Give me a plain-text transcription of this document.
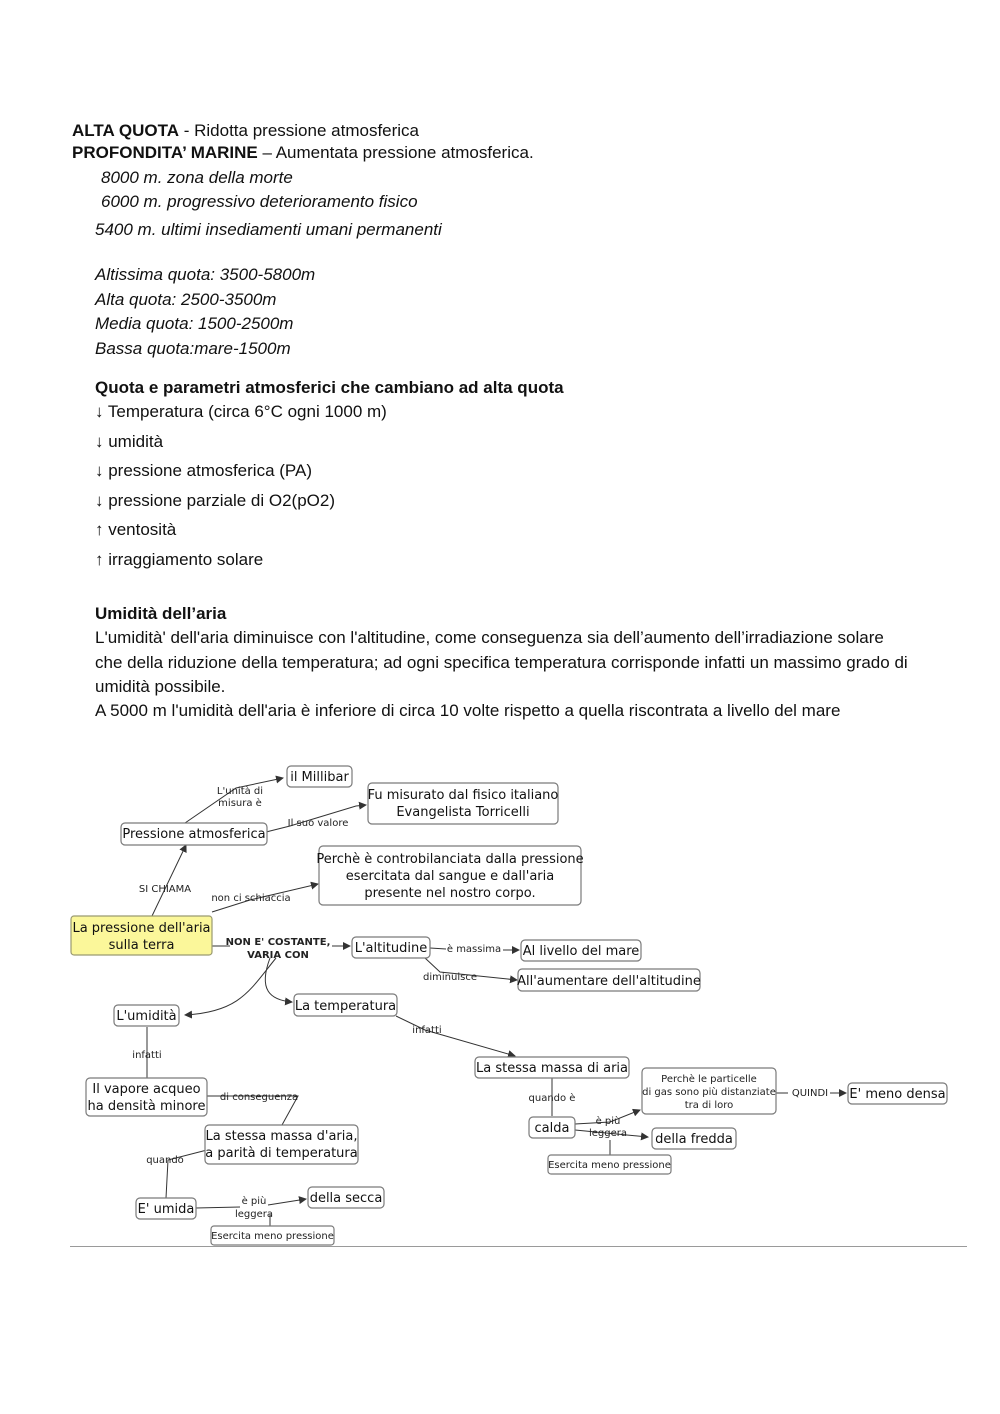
ALTA QUOTA - Ridotta pressione atmosferica
PROFONDITA’ MARINE – Aumentata pressione atmosferica.
8000 m. zona della morte
6000 m. progressivo deterioramento fisico
5400 m. ultimi insediamenti umani permanenti
Altissima quota: 3500-5800m
Alta quota: 2500-3500m
Media quota: 1500-2500m
Bassa quota:mare-1500m
Quota e parametri atmosferici che cambiano ad alta quota
↓ Temperatura (circa 6°C ogni 1000 m)
↓ umidità
↓ pressione atmosferica (PA)
↓ pressione parziale di O2(pO2)
↑ ventosità
↑ irraggiamento solare
Umidità dell’aria
L'umidità' dell'aria diminuisce con l'altitudine, come conseguenza sia dell’aumento dell’irradiazione solare che della riduzione della temperatura; ad ogni specifica temperatura corrisponde infatti un massimo grado di umidità possibile.
A 5000 m l'umidità dell'aria è inferiore di circa 10 volte rispetto a quella riscontrata a livello del mare
il Millibar
Fu misurato dal fisico italiano
Evangelista Torricelli
Pressione atmosferica
Perchè è controbilanciata dalla pressione
esercitata dal sangue e dall'aria
presente nel nostro corpo.
La pressione dell'aria
sulla terra	L'altitudine	Al livello del mare
All'aumentare dell'altitudine
L'umidità
La temperatura
Il vapore acqueo
ha densità minore
La stessa massa di aria
La stessa massa d'aria,
a parità di temperatura
Perchè le particelle
di gas sono più distanziate
tra di loro
E' meno densa
calda
della fredda
Esercita meno pressione
E' umida
della secca
Esercita meno pressione
L'unità di
misura è
Il suo valore
SI CHIAMA
non ci schiaccia
NON E' COSTANTE,
VARIA CON
è massima
diminuisce
infatti
infatti
di conseguenza	quando è
è più
leggera
QUINDI
quando
è più
leggera
